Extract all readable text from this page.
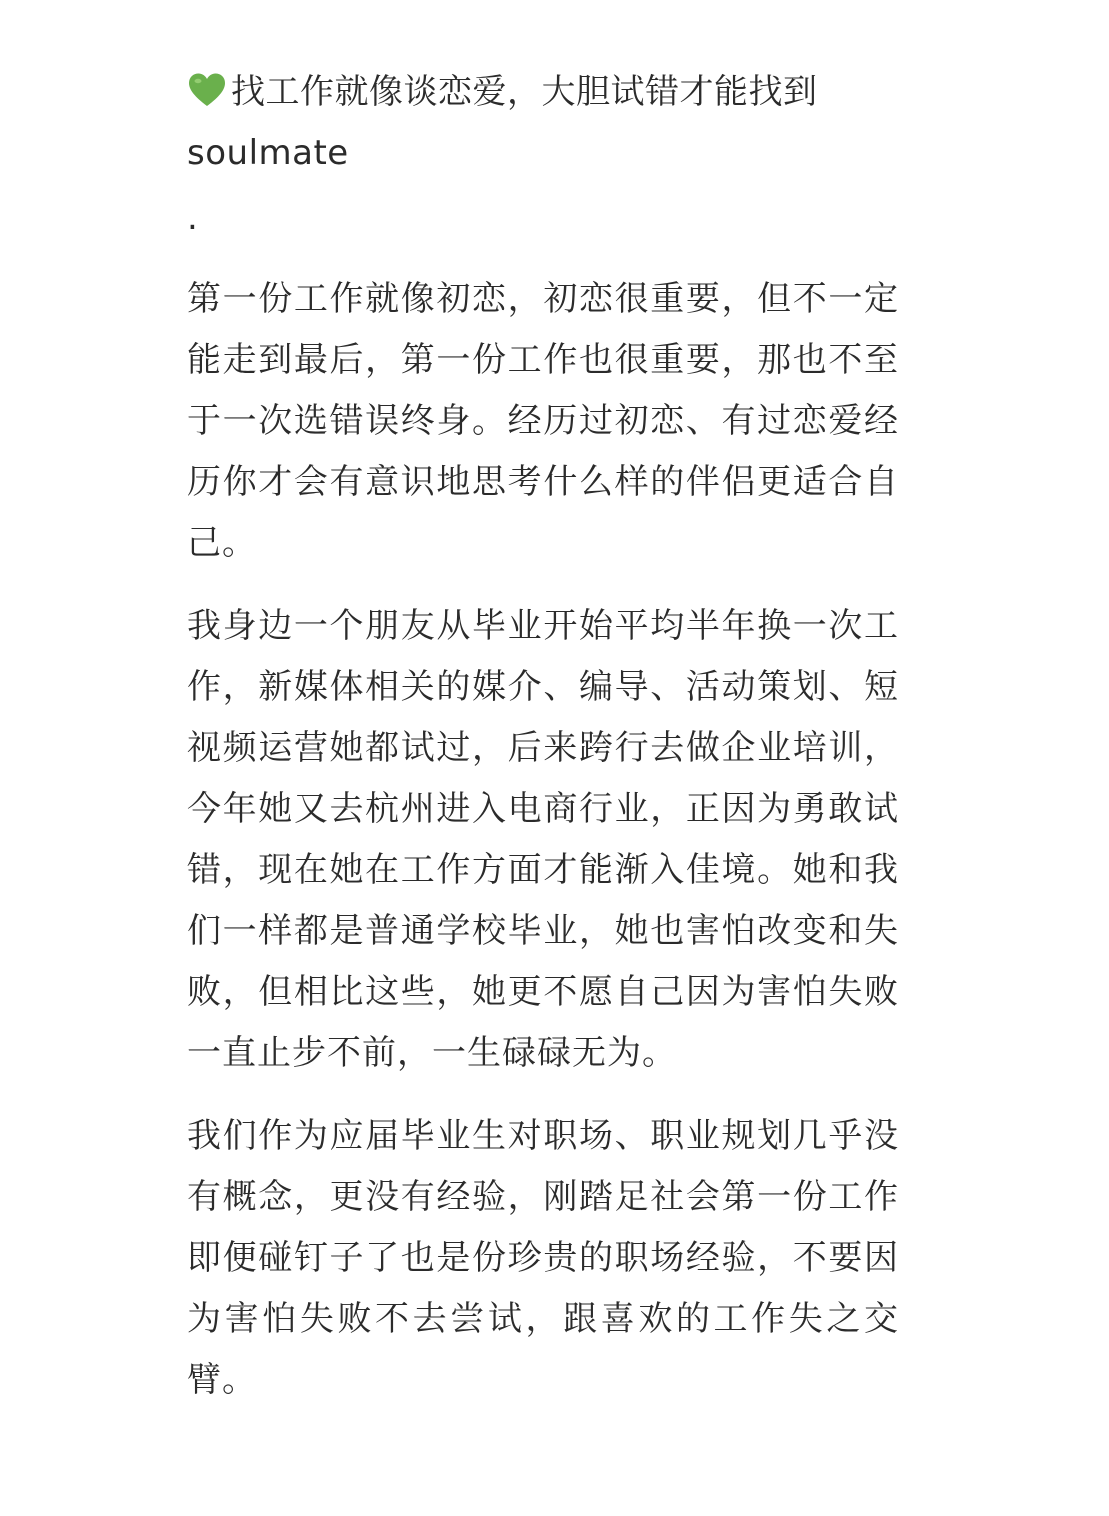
找工作就像谈恋爱，大胆试错才能找到soulmate
.

第一份工作就像初恋，初恋很重要，但不一定能走到最后，第一份工作也很重要，那也不至于一次选错误终身。经历过初恋、有过恋爱经历你才会有意识地思考什么样的伴侣更适合自己。

我身边一个朋友从毕业开始平均半年换一次工作，新媒体相关的媒介、编导、活动策划、短视频运营她都试过，后来跨行去做企业培训，今年她又去杭州进入电商行业，正因为勇敢试错，现在她在工作方面才能渐入佳境。她和我们一样都是普通学校毕业，她也害怕改变和失败，但相比这些，她更不愿自己因为害怕失败一直止步不前，一生碌碌无为。

我们作为应届毕业生对职场、职业规划几乎没有概念，更没有经验，刚踏足社会第一份工作即便碰钉子了也是份珍贵的职场经验，不要因为害怕失败不去尝试，跟喜欢的工作失之交臂。
